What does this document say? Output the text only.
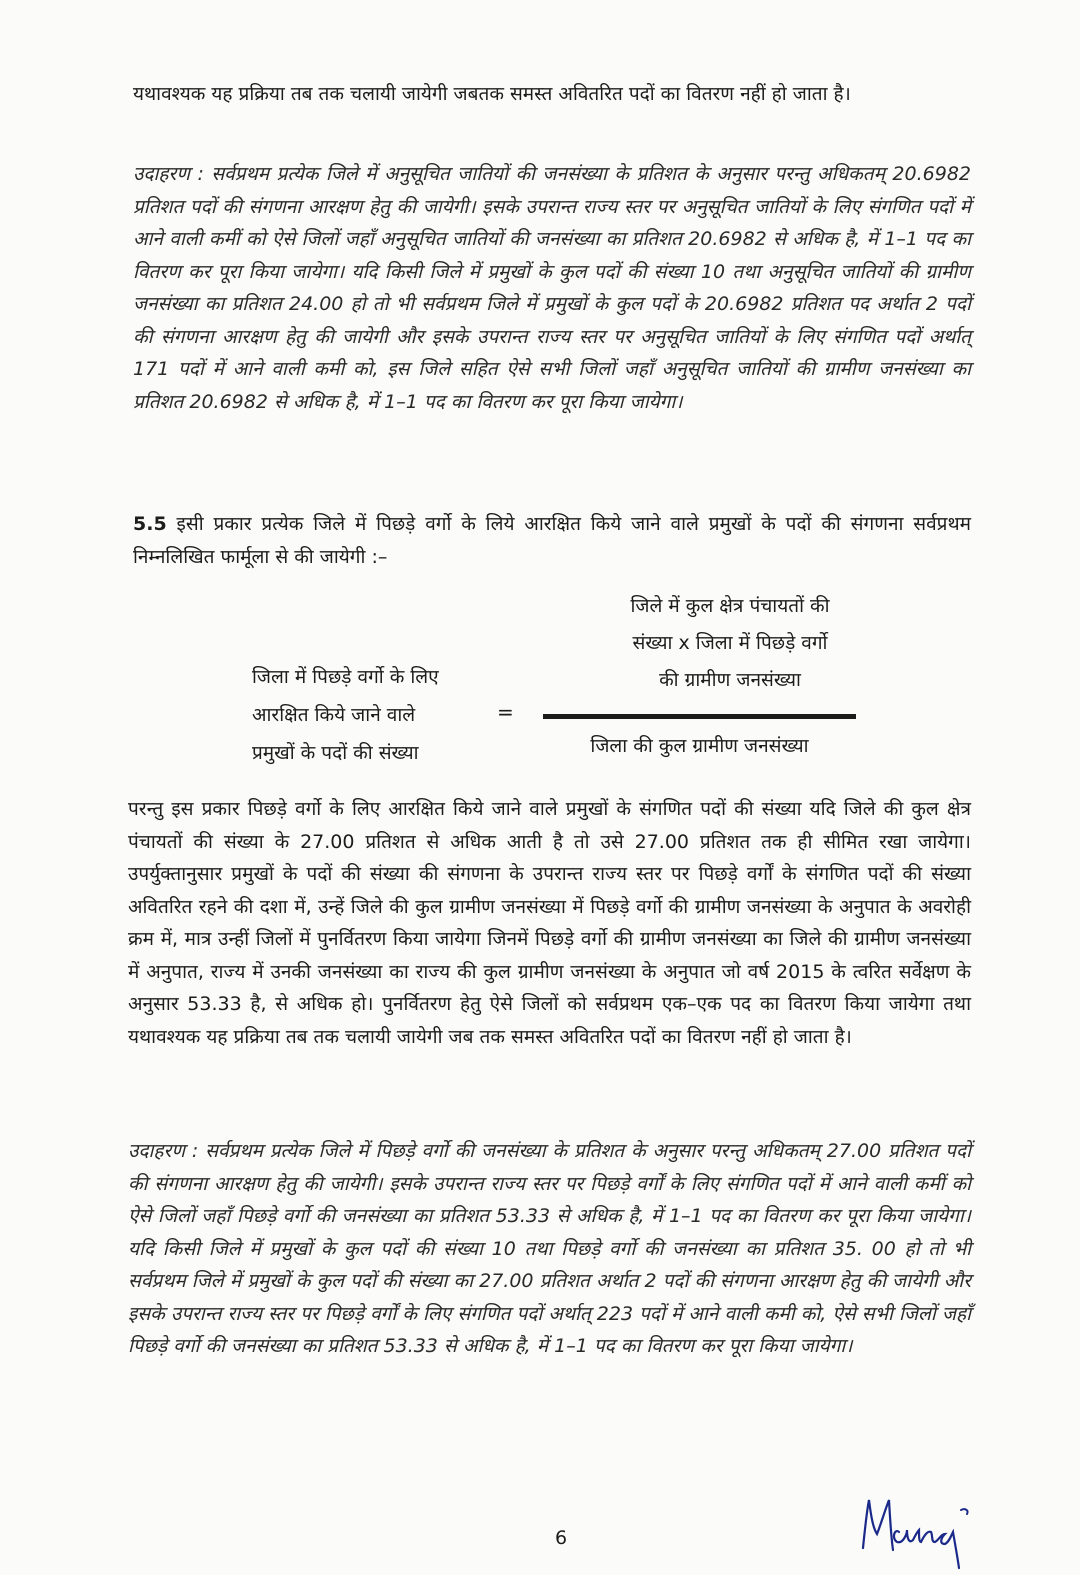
यथावश्यक यह प्रक्रिया तब तक चलायी जायेगी जबतक समस्त अवितरित पदों का वितरण नहीं हो जाता है।

उदाहरण : सर्वप्रथम प्रत्येक जिले में अनुसूचित जातियों की जनसंख्या के प्रतिशत के अनुसार परन्तु अधिकतम् 20.6982 प्रतिशत पदों की संगणना आरक्षण हेतु की जायेगी। इसके उपरान्त राज्य स्तर पर अनुसूचित जातियों के लिए संगणित पदों में आने वाली कमीं को ऐसे जिलों जहाँ अनुसूचित जातियों की जनसंख्या का प्रतिशत 20.6982 से अधिक है, में 1–1 पद का वितरण कर पूरा किया जायेगा। यदि किसी जिले में प्रमुखों के कुल पदों की संख्या 10 तथा अनुसूचित जातियों की ग्रामीण जनसंख्या का प्रतिशत 24.00 हो तो भी सर्वप्रथम जिले में प्रमुखों के कुल पदों के 20.6982 प्रतिशत पद अर्थात 2 पदों की संगणना आरक्षण हेतु की जायेगी और इसके उपरान्त राज्य स्तर पर अनुसूचित जातियों के लिए संगणित पदों अर्थात् 171 पदों में आने वाली कमी को, इस जिले सहित ऐसे सभी जिलों जहाँ अनुसूचित जातियों की ग्रामीण जनसंख्या का प्रतिशत 20.6982 से अधिक है, में 1–1 पद का वितरण कर पूरा किया जायेगा।

5.5 इसी प्रकार प्रत्येक जिले में पिछड़े वर्गो के लिये आरक्षित किये जाने वाले प्रमुखों के पदों की संगणना सर्वप्रथम निम्नलिखित फार्मूला से की जायेगी :–

जिला में पिछड़े वर्गो के लिए
आरक्षित किये जाने वाले
प्रमुखों के पदों की संख्या
=
जिले में कुल क्षेत्र पंचायतों की
संख्या x जिला में पिछड़े वर्गो
की ग्रामीण जनसंख्या
जिला की कुल ग्रामीण जनसंख्या

परन्तु इस प्रकार पिछड़े वर्गो के लिए आरक्षित किये जाने वाले प्रमुखों के संगणित पदों की संख्या यदि जिले की कुल क्षेत्र पंचायतों की संख्या के 27.00 प्रतिशत से अधिक आती है तो उसे 27.00 प्रतिशत तक ही सीमित रखा जायेगा। उपर्युक्तानुसार प्रमुखों के पदों की संख्या की संगणना के उपरान्त राज्य स्तर पर पिछड़े वर्गों के संगणित पदों की संख्या अवितरित रहने की दशा में, उन्हें जिले की कुल ग्रामीण जनसंख्या में पिछड़े वर्गो की ग्रामीण जनसंख्या के अनुपात के अवरोही क्रम में, मात्र उन्हीं जिलों में पुनर्वितरण किया जायेगा जिनमें पिछड़े वर्गो की ग्रामीण जनसंख्या का जिले की ग्रामीण जनसंख्या में अनुपात, राज्य में उनकी जनसंख्या का राज्य की कुल ग्रामीण जनसंख्या के अनुपात जो वर्ष 2015 के त्वरित सर्वेक्षण के अनुसार 53.33 है, से अधिक हो। पुनर्वितरण हेतु ऐसे जिलों को सर्वप्रथम एक–एक पद का वितरण किया जायेगा तथा यथावश्यक यह प्रक्रिया तब तक चलायी जायेगी जब तक समस्त अवितरित पदों का वितरण नहीं हो जाता है।

उदाहरण : सर्वप्रथम प्रत्येक जिले में पिछड़े वर्गो की जनसंख्या के प्रतिशत के अनुसार परन्तु अधिकतम् 27.00 प्रतिशत पदों की संगणना आरक्षण हेतु की जायेगी। इसके उपरान्त राज्य स्तर पर पिछड़े वर्गों के लिए संगणित पदों में आने वाली कमीं को ऐसे जिलों जहाँ पिछड़े वर्गो की जनसंख्या का प्रतिशत 53.33 से अधिक है, में 1–1 पद का वितरण कर पूरा किया जायेगा। यदि किसी जिले में प्रमुखों के कुल पदों की संख्या 10 तथा पिछड़े वर्गो की जनसंख्या का प्रतिशत 35. 00 हो तो भी सर्वप्रथम जिले में प्रमुखों के कुल पदों की संख्या का 27.00 प्रतिशत अर्थात 2 पदों की संगणना आरक्षण हेतु की जायेगी और इसके उपरान्त राज्य स्तर पर पिछड़े वर्गों के लिए संगणित पदों अर्थात् 223 पदों में आने वाली कमी को, ऐसे सभी जिलों जहाँ पिछड़े वर्गो की जनसंख्या का प्रतिशत 53.33 से अधिक है, में 1–1 पद का वितरण कर पूरा किया जायेगा।

6
